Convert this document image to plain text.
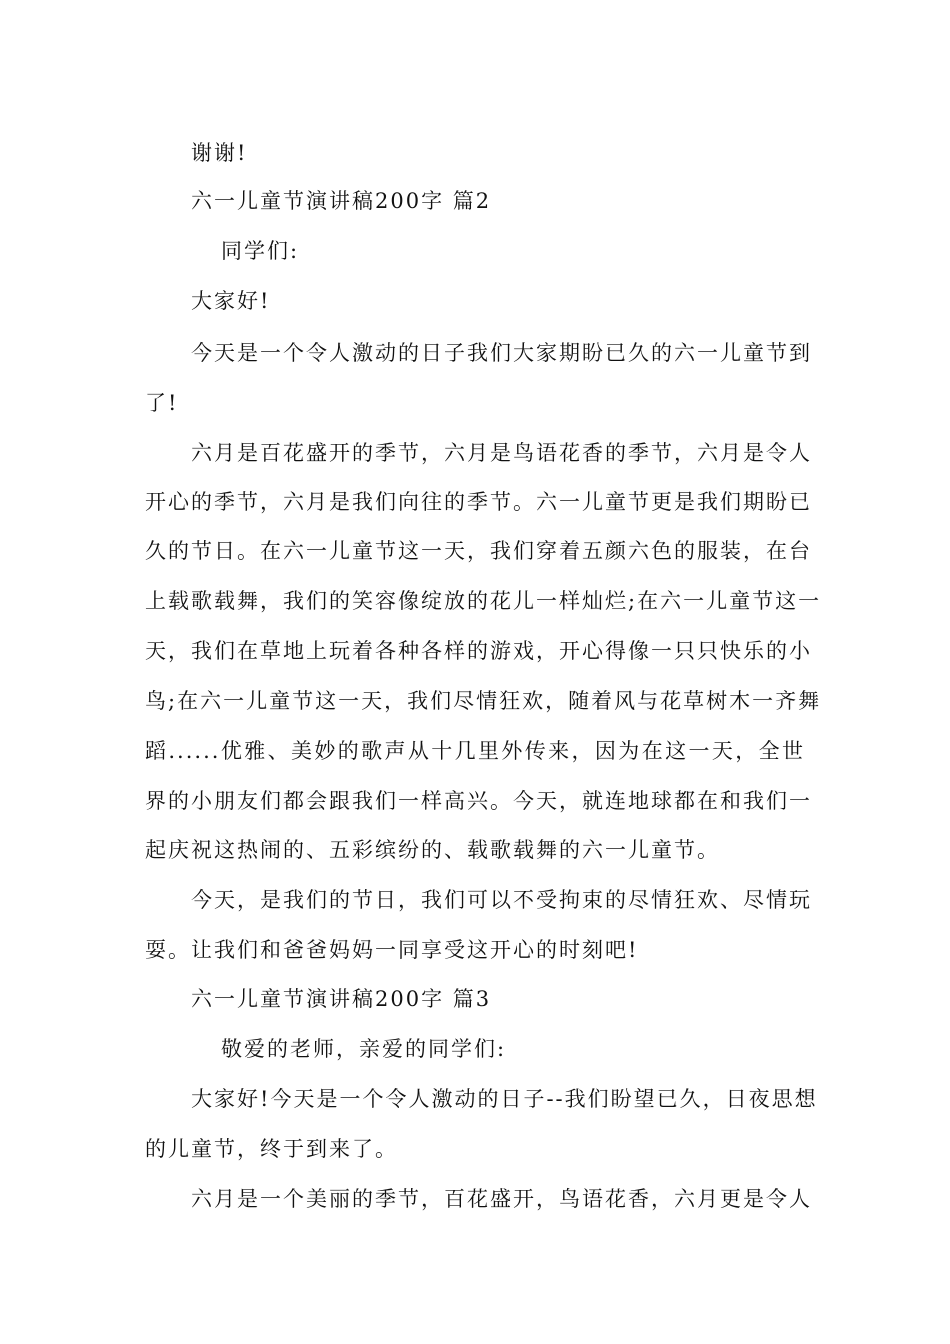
谢谢!
六一儿童节演讲稿200字 篇2
同学们:
大家好!
今天是一个令人激动的日子我们大家期盼已久的六一儿童节到
了!
六月是百花盛开的季节，六月是鸟语花香的季节，六月是令人
开心的季节，六月是我们向往的季节。六一儿童节更是我们期盼已
久的节日。在六一儿童节这一天，我们穿着五颜六色的服装，在台
上载歌载舞，我们的笑容像绽放的花儿一样灿烂;在六一儿童节这一
天，我们在草地上玩着各种各样的游戏，开心得像一只只快乐的小
鸟;在六一儿童节这一天，我们尽情狂欢，随着风与花草树木一齐舞
蹈......优雅、美妙的歌声从十几里外传来，因为在这一天，全世
界的小朋友们都会跟我们一样高兴。今天，就连地球都在和我们一
起庆祝这热闹的、五彩缤纷的、载歌载舞的六一儿童节。
今天，是我们的节日，我们可以不受拘束的尽情狂欢、尽情玩
耍。让我们和爸爸妈妈一同享受这开心的时刻吧!
六一儿童节演讲稿200字 篇3
敬爱的老师，亲爱的同学们:
大家好!今天是一个令人激动的日子--我们盼望已久，日夜思想
的儿童节，终于到来了。
六月是一个美丽的季节，百花盛开，鸟语花香，六月更是令人
